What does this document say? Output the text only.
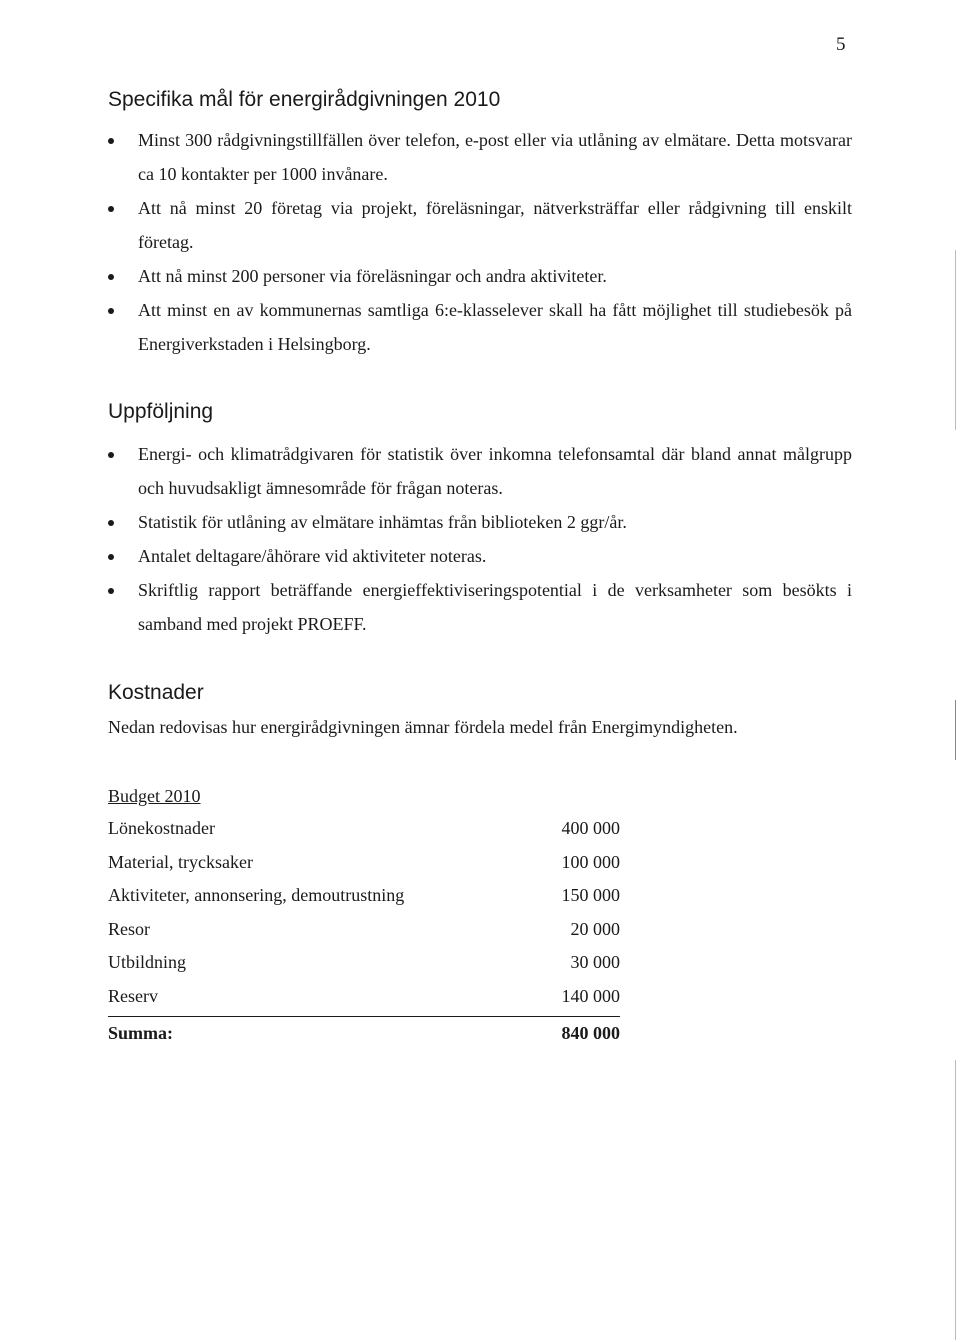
5
Specifika mål för energirådgivningen 2010
Minst 300 rådgivningstillfällen över telefon, e-post eller via utlåning av elmätare. Detta motsvarar ca 10 kontakter per 1000 invånare.
Att nå minst 20 företag via projekt, föreläsningar, nätverksträffar eller rådgivning till enskilt företag.
Att nå minst 200 personer via föreläsningar och andra aktiviteter.
Att minst en av kommunernas samtliga 6:e-klasselever skall ha fått möjlighet till studiebesök på Energiverkstaden i Helsingborg.
Uppföljning
Energi- och klimatrådgivaren för statistik över inkomna telefonsamtal där bland annat målgrupp och huvudsakligt ämnesområde för frågan noteras.
Statistik för utlåning av elmätare inhämtas från biblioteken 2 ggr/år.
Antalet deltagare/åhörare vid aktiviteter noteras.
Skriftlig rapport beträffande energieffektiviseringspotential i de verksamheter som besökts i samband med projekt PROEFF.
Kostnader
Nedan redovisas hur energirådgivningen ämnar fördela medel från Energimyndigheten.
Budget 2010
Lönekostnader	400 000
Material, trycksaker	100 000
Aktiviteter, annonsering, demoutrustning	150 000
Resor	20 000
Utbildning	30 000
Reserv	140 000
Summa:	840 000
